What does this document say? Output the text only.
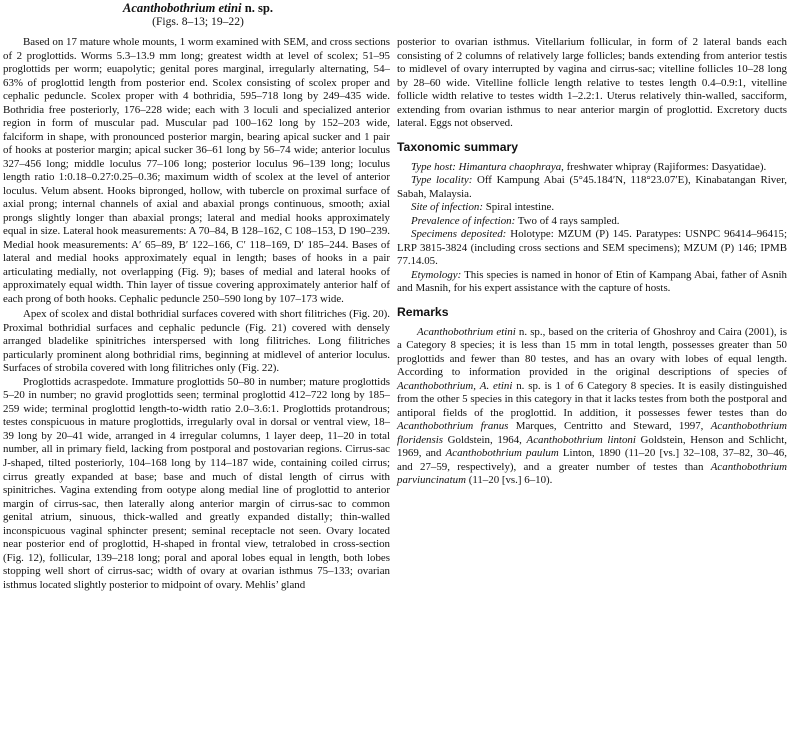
Acanthobothrium etini n. sp.
(Figs. 8–13; 19–22)

Based on 17 mature whole mounts, 1 worm examined with SEM, and cross sections of 2 proglottids. Worms 5.3–13.9 mm long; greatest width at level of scolex; 51–95 proglottids per worm; euapolytic; genital pores marginal, irregularly alternating, 54–63% of proglottid length from posterior end. Scolex consisting of scolex proper and cephalic peduncle. Scolex proper with 4 bothridia, 595–718 long by 249–435 wide. Bothridia free posteriorly, 176–228 wide; each with 3 loculi and specialized anterior region in form of muscular pad. Muscular pad 100–162 long by 152–203 wide, falciform in shape, with pronounced posterior margin, bearing apical sucker and 1 pair of hooks at posterior margin; apical sucker 36–61 long by 56–74 wide; anterior loculus 327–456 long; middle loculus 77–106 long; posterior loculus 96–139 long; loculus length ratio 1:0.18–0.27:0.25–0.36; maximum width of scolex at the level of anterior loculus. Velum absent. Hooks bipronged, hollow, with tubercle on proximal surface of axial prong; internal channels of axial and abaxial prongs continuous, smooth; axial prongs slightly longer than abaxial prongs; lateral and medial hooks approximately equal in size. Lateral hook measurements: A 70–84, B 128–162, C 108–153, D 190–239. Medial hook measurements: A′ 65–89, B′ 122–166, C′ 118–169, D′ 185–244. Bases of lateral and medial hooks approximately equal in length; bases of hooks in a pair articulating medially, not overlapping (Fig. 9); bases of medial and lateral hooks of approximately equal width. Thin layer of tissue covering approximately anterior half of each prong of both hooks. Cephalic peduncle 250–590 long by 107–173 wide.

Apex of scolex and distal bothridial surfaces covered with short filitriches (Fig. 20). Proximal bothridial surfaces and cephalic peduncle (Fig. 21) covered with densely arranged bladelike spinitriches interspersed with long filitriches. Long filitriches particularly prominent along bothridial rims, beginning at midlevel of anterior loculus. Surfaces of strobila covered with long filitriches only (Fig. 22).

Proglottids acraspedote. Immature proglottids 50–80 in number; mature proglottids 5–20 in number; no gravid proglottids seen; terminal proglottid 412–722 long by 185–259 wide; terminal proglottid length-to-width ratio 2.0–3.6:1. Proglottids protandrous; testes conspicuous in mature proglottids, irregularly oval in dorsal or ventral view, 18–39 long by 20–41 wide, arranged in 4 irregular columns, 1 layer deep, 11–20 in total number, all in primary field, lacking from postporal and postovarian regions. Cirrus-sac J-shaped, tilted posteriorly, 104–168 long by 114–187 wide, containing coiled cirrus; cirrus greatly expanded at base; base and much of distal length of cirrus with spinitriches. Vagina extending from ootype along medial line of proglottid to anterior margin of cirrus-sac, then laterally along anterior margin of cirrus-sac to common genital atrium, sinuous, thick-walled and greatly expanded distally; thin-walled inconspicuous vaginal sphincter present; seminal receptacle not seen. Ovary located near posterior end of proglottid, H-shaped in frontal view, tetralobed in cross-section (Fig. 12), follicular, 139–218 long; poral and aporal lobes equal in length, both lobes stopping well short of cirrus-sac; width of ovary at ovarian isthmus 75–133; ovarian isthmus located slightly posterior to midpoint of ovary. Mehlis’ gland

posterior to ovarian isthmus. Vitellarium follicular, in form of 2 lateral bands each consisting of 2 columns of relatively large follicles; bands extending from anterior testis to midlevel of ovary interrupted by vagina and cirrus-sac; vitelline follicles 10–28 long by 28–60 wide. Vitelline follicle length relative to testes length 0.4–0.9:1, vitelline follicle width relative to testes width 1–2.2:1. Uterus relatively thin-walled, sacciform, extending from ovarian isthmus to near anterior margin of proglottid. Excretory ducts lateral. Eggs not observed.

Taxonomic summary

Type host: Himantura chaophraya, freshwater whipray (Rajiformes: Dasyatidae).

Type locality: Off Kampung Abai (5°45.184′N, 118°23.07′E), Kinabatangan River, Sabah, Malaysia.

Site of infection: Spiral intestine.

Prevalence of infection: Two of 4 rays sampled.

Specimens deposited: Holotype: MZUM (P) 145. Paratypes: USNPC 96414–96415; LRP 3815-3824 (including cross sections and SEM specimens); MZUM (P) 146; IPMB 77.14.05.

Etymology: This species is named in honor of Etin of Kampang Abai, father of Asnih and Masnih, for his expert assistance with the capture of hosts.

Remarks

Acanthobothrium etini n. sp., based on the criteria of Ghoshroy and Caira (2001), is a Category 8 species; it is less than 15 mm in total length, possesses greater than 50 proglottids and fewer than 80 testes, and has an ovary with lobes of equal length. According to information provided in the original descriptions of species of Acanthobothrium, A. etini n. sp. is 1 of 6 Category 8 species. It is easily distinguished from the other 5 species in this category in that it lacks testes from both the postporal and antiporal fields of the proglottid. In addition, it possesses fewer testes than do Acanthobothrium franus Marques, Centritto and Steward, 1997, Acanthobothrium floridensis Goldstein, 1964, Acanthobothrium lintoni Goldstein, Henson and Schlicht, 1969, and Acanthobothrium paulum Linton, 1890 (11–20 [vs.] 32–108, 37–82, 30–46, and 27–59, respectively), and a greater number of testes than Acanthobothrium parviuncinatum (11–20 [vs.] 6–10).
